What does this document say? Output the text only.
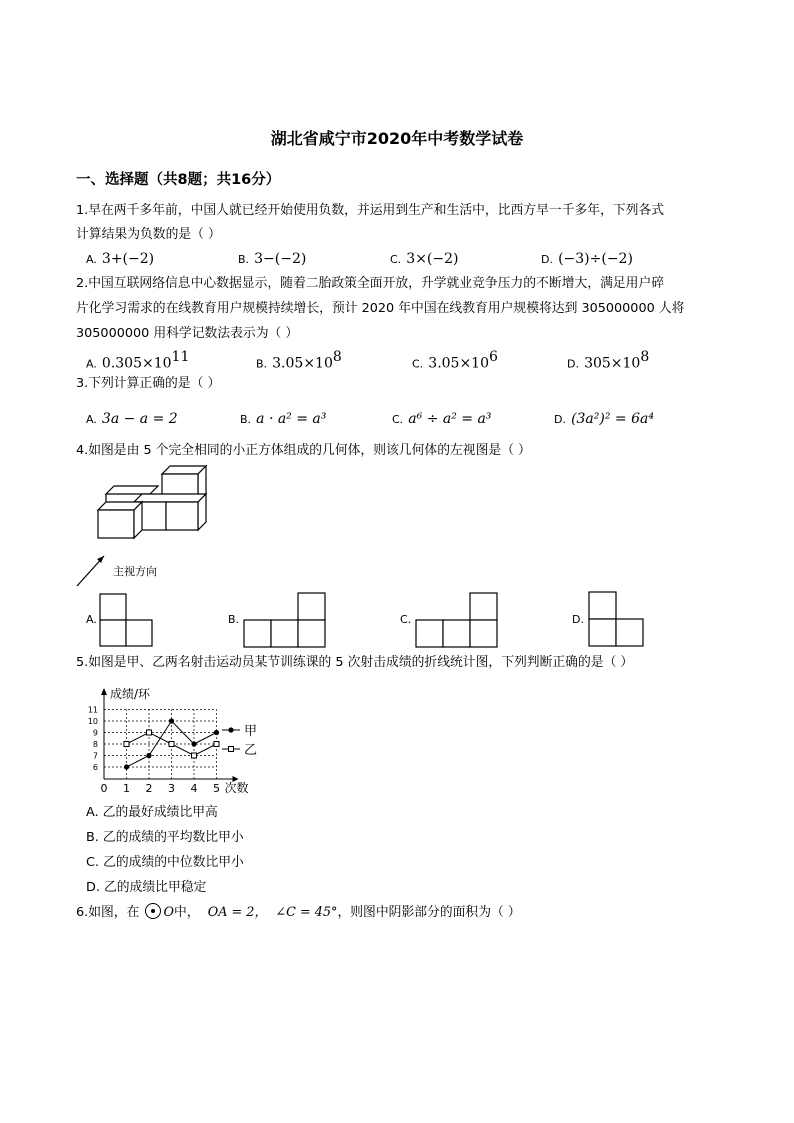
湖北省咸宁市2020年中考数学试卷
一、选择题（共8题；共16分）
1.早在两千多年前，中国人就已经开始使用负数，并运用到生产和生活中，比西方早一千多年，下列各式
计算结果为负数的是（ ）
A. 3+(−2)	B. 3−(−2)	C. 3×(−2)	D. (−3)÷(−2)
2.中国互联网络信息中心数据显示，随着二胎政策全面开放，升学就业竞争压力的不断增大，满足用户碎
片化学习需求的在线教育用户规模持续增长，预计 2020 年中国在线教育用户规模将达到 305000000 人将
305000000 用科学记数法表示为（ ）
A. $0.305\times 10^{11}$	B. $3.05\times 10^8$	C. $3.05\times 10^6$	D. $305\times 10^8$
3.下列计算正确的是（ ）
A. 3a − a = 2	B. a · a² = a³	C. a⁶ ÷ a² = a³	D. (3a²)² = 6a⁴
4.如图是由 5 个完全相同的小正方体组成的几何体，则该几何体的左视图是（ ）
主视方向
A.	B.	C.	D.
5.如图是甲、乙两名射击运动员某节训练课的 5 次射击成绩的折线统计图，下列判断正确的是（ ）
0 1 2 3 4 5
6
7
8
9
10
11
成绩/环
次数
甲
乙
A. 乙的最好成绩比甲高
B. 乙的成绩的平均数比甲小
C. 乙的成绩的中位数比甲小
D. 乙的成绩比甲稳定
6.如图，在 O中， OA = 2， ∠C = 45°，则图中阴影部分的面积为（ ）
